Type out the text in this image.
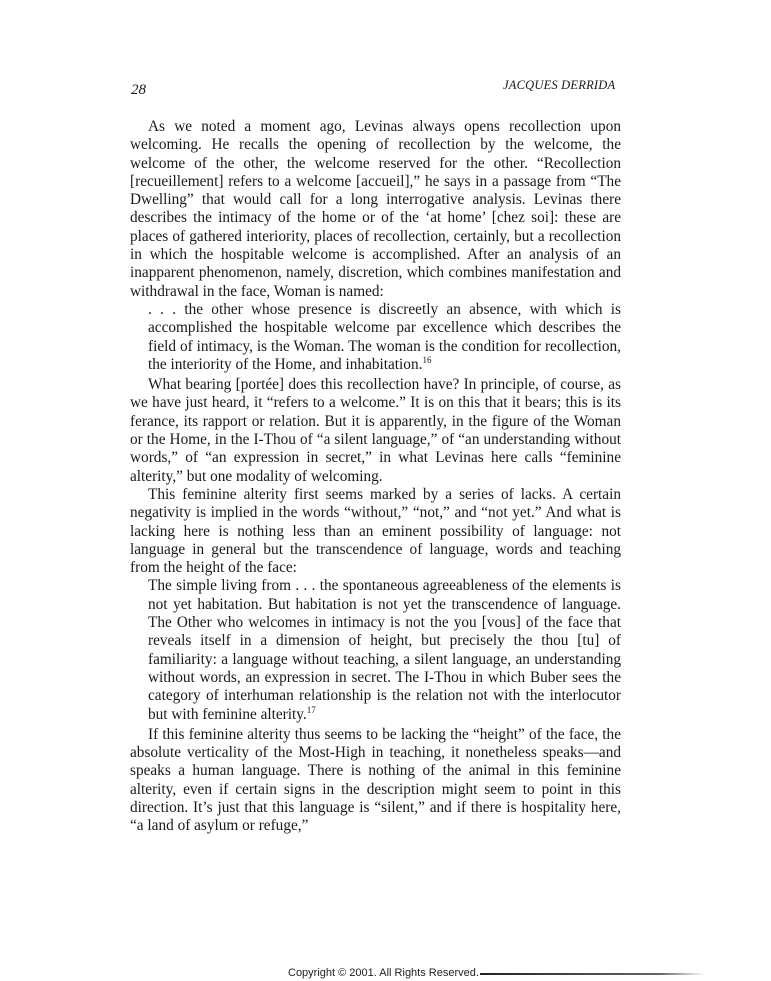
28	JACQUES DERRIDA

As we noted a moment ago, Levinas always opens recollection upon welcoming. He recalls the opening of recollection by the welcome, the welcome of the other, the welcome reserved for the other. “Recollection [recueillement] refers to a welcome [accueil],” he says in a passage from “The Dwelling” that would call for a long interrogative analysis. Levinas there describes the intimacy of the home or of the ‘at home’ [chez soi]: these are places of gathered interiority, places of recollection, certainly, but a recollection in which the hospitable welcome is accomplished. After an analysis of an inapparent phenomenon, namely, discretion, which combines manifestation and withdrawal in the face, Woman is named:

. . . the other whose presence is discreetly an absence, with which is accomplished the hospitable welcome par excellence which describes the field of intimacy, is the Woman. The woman is the condition for recollection, the interiority of the Home, and inhabitation.$^{16}$

What bearing [portée] does this recollection have? In principle, of course, as we have just heard, it “refers to a welcome.” It is on this that it bears; this is its ferance, its rapport or relation. But it is apparently, in the figure of the Woman or the Home, in the I-Thou of “a silent language,” of “an understanding without words,” of “an expression in secret,” in what Levinas here calls “feminine alterity,” but one modality of welcoming.

This feminine alterity first seems marked by a series of lacks. A certain negativity is implied in the words “without,” “not,” and “not yet.” And what is lacking here is nothing less than an eminent possibility of language: not language in general but the transcendence of language, words and teaching from the height of the face:

The simple living from . . . the spontaneous agreeableness of the elements is not yet habitation. But habitation is not yet the transcendence of language. The Other who welcomes in intimacy is not the you [vous] of the face that reveals itself in a dimension of height, but precisely the thou [tu] of familiarity: a language without teaching, a silent language, an understanding without words, an expression in secret. The I-Thou in which Buber sees the category of interhuman relationship is the relation not with the interlocutor but with feminine alterity.$^{17}$

If this feminine alterity thus seems to be lacking the “height” of the face, the absolute verticality of the Most-High in teaching, it nonetheless speaks—and speaks a human language. There is nothing of the animal in this feminine alterity, even if certain signs in the description might seem to point in this direction. It’s just that this language is “silent,” and if there is hospitality here, “a land of asylum or refuge,”

Copyright © 2001. All Rights Reserved.
